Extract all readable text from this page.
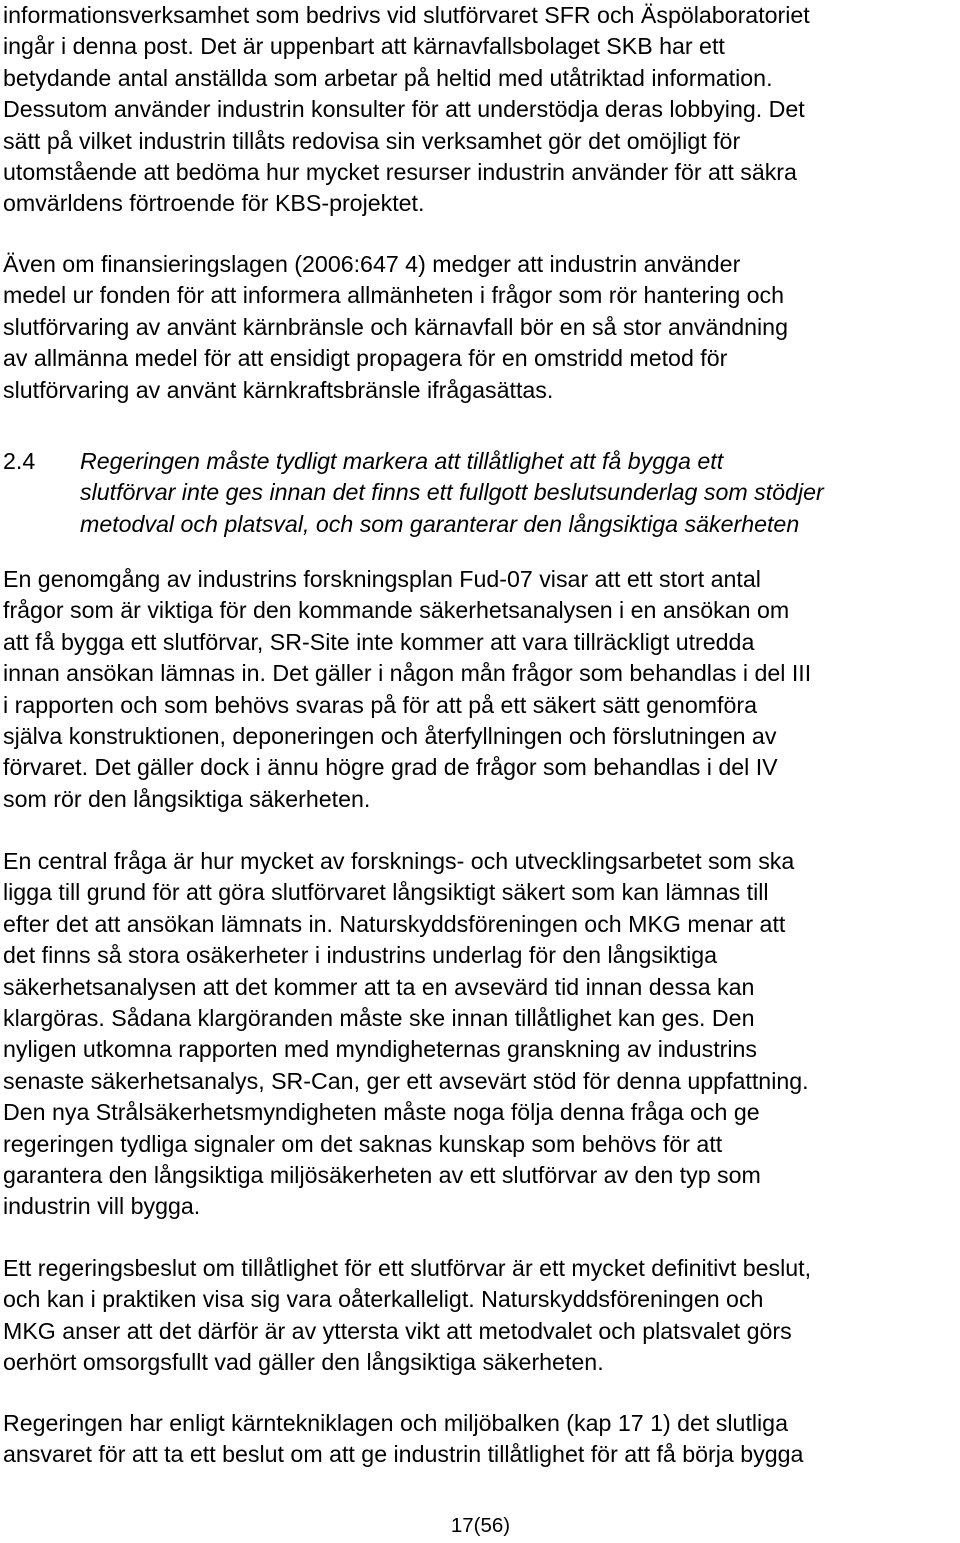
informationsverksamhet som bedrivs vid slutförvaret SFR och Äspölaboratoriet
ingår i denna post. Det är uppenbart att kärnavfallsbolaget SKB har ett
betydande antal anställda som arbetar på heltid med utåtriktad information.
Dessutom använder industrin konsulter för att understödja deras lobbying. Det
sätt på vilket industrin tillåts redovisa sin verksamhet gör det omöjligt för
utomstående att bedöma hur mycket resurser industrin använder för att säkra
omvärldens förtroende för KBS-projektet.
Även om finansieringslagen (2006:647 4) medger att industrin använder
medel ur fonden för att informera allmänheten i frågor som rör hantering och
slutförvaring av använt kärnbränsle och kärnavfall bör en så stor användning
av allmänna medel för att ensidigt propagera för en omstridd metod för
slutförvaring av använt kärnkraftsbränsle ifrågasättas.
2.4 Regeringen måste tydligt markera att tillåtlighet att få bygga ett
slutförvar inte ges innan det finns ett fullgott beslutsunderlag som stödjer
metodval och platsval, och som garanterar den långsiktiga säkerheten
En genomgång av industrins forskningsplan Fud-07 visar att ett stort antal
frågor som är viktiga för den kommande säkerhetsanalysen i en ansökan om
att få bygga ett slutförvar, SR-Site inte kommer att vara tillräckligt utredda
innan ansökan lämnas in. Det gäller i någon mån frågor som behandlas i del III
i rapporten och som behövs svaras på för att på ett säkert sätt genomföra
själva konstruktionen, deponeringen och återfyllningen och förslutningen av
förvaret. Det gäller dock i ännu högre grad de frågor som behandlas i del IV
som rör den långsiktiga säkerheten.
En central fråga är hur mycket av forsknings- och utvecklingsarbetet som ska
ligga till grund för att göra slutförvaret långsiktigt säkert som kan lämnas till
efter det att ansökan lämnats in. Naturskyddsföreningen och MKG menar att
det finns så stora osäkerheter i industrins underlag för den långsiktiga
säkerhetsanalysen att det kommer att ta en avsevärd tid innan dessa kan
klargöras. Sådana klargöranden måste ske innan tillåtlighet kan ges. Den
nyligen utkomna rapporten med myndigheternas granskning av industrins
senaste säkerhetsanalys, SR-Can, ger ett avsevärt stöd för denna uppfattning.
Den nya Strålsäkerhetsmyndigheten måste noga följa denna fråga och ge
regeringen tydliga signaler om det saknas kunskap som behövs för att
garantera den långsiktiga miljösäkerheten av ett slutförvar av den typ som
industrin vill bygga.
Ett regeringsbeslut om tillåtlighet för ett slutförvar är ett mycket definitivt beslut,
och kan i praktiken visa sig vara oåterkalleligt. Naturskyddsföreningen och
MKG anser att det därför är av yttersta vikt att metodvalet och platsvalet görs
oerhört omsorgsfullt vad gäller den långsiktiga säkerheten.
Regeringen har enligt kärntekniklagen och miljöbalken (kap 17 1) det slutliga
ansvaret för att ta ett beslut om att ge industrin tillåtlighet för att få börja bygga
17(56)
